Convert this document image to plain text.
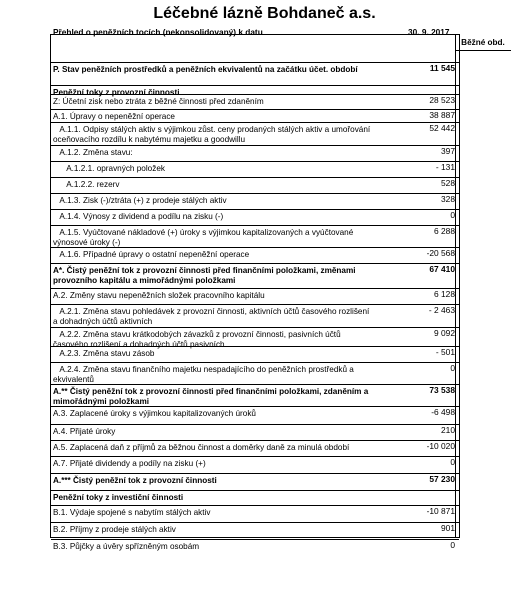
Léčebné lázně Bohdaneč a.s.
Přehled o peněžních tocích (nekonsolidovaný) k datu	30. 9. 2017
Běžné obd.
P. Stav peněžních prostředků a peněžních ekvivalentů na začátku účet. období	11 545
Peněžní toky z provozní činnosti
Z: Účetní zisk nebo ztráta z běžné činnosti před zdaněním	28 523
A.1. Úpravy o nepeněžní operace	38 887
A.1.1. Odpisy stálých aktiv s výjimkou zůst. ceny prodaných stálých aktiv a umořování
oceňovacího rozdílu k nabytému majetku a goodwillu
52 442
A.1.2. Změna stavu:	397
A.1.2.1. opravných položek	- 131
A.1.2.2. rezerv	528
A.1.3. Zisk (-)/ztráta (+) z prodeje stálých aktiv	328
A.1.4. Výnosy z dividend a podílu na zisku (-)	0
A.1.5. Vyúčtované nákladové (+) úroky s výjimkou kapitalizovaných a vyúčtované
výnosové úroky (-)
6 288
A.1.6. Případné úpravy o ostatní nepeněžní operace	-20 568
A*. Čistý peněžní tok z provozní činnosti před finančními položkami, změnami
provozního kapitálu a mimořádnými položkami
67 410
A.2. Změny stavu nepeněžních složek pracovního kapitálu	6 128
A.2.1. Změna stavu pohledávek z provozní činnosti, aktivních účtů časového rozlišení
a dohadných účtů aktivních
- 2 463
A.2.2. Změna stavu krátkodobých závazků z provozní činnosti, pasivních účtů
časového rozlišení a dohadných účtů pasivních
9 092
A.2.3. Změna stavu zásob	- 501
A.2.4. Změna stavu finančního majetku nespadajícího do peněžních prostředků a
ekvivalentů
0
A.** Čistý peněžní tok z provozní činnosti před finančními položkami, zdaněním a
mimořádnými položkami
73 538
A.3. Zaplacené úroky s výjimkou kapitalizovaných úroků	-6 498
A.4. Přijaté úroky	210
A.5. Zaplacená daň z příjmů za běžnou činnost a doměrky daně za minulá období	-10 020
A.7. Přijaté dividendy a podíly na zisku (+)	0
A.*** Čistý peněžní tok z provozní činnosti	57 230
Peněžní toky z investiční činnosti
B.1. Výdaje spojené s nabytím stálých aktiv	-10 871
B.2. Příjmy z prodeje stálých aktiv	901
B.3. Půjčky a úvěry spřízněným osobám	0
